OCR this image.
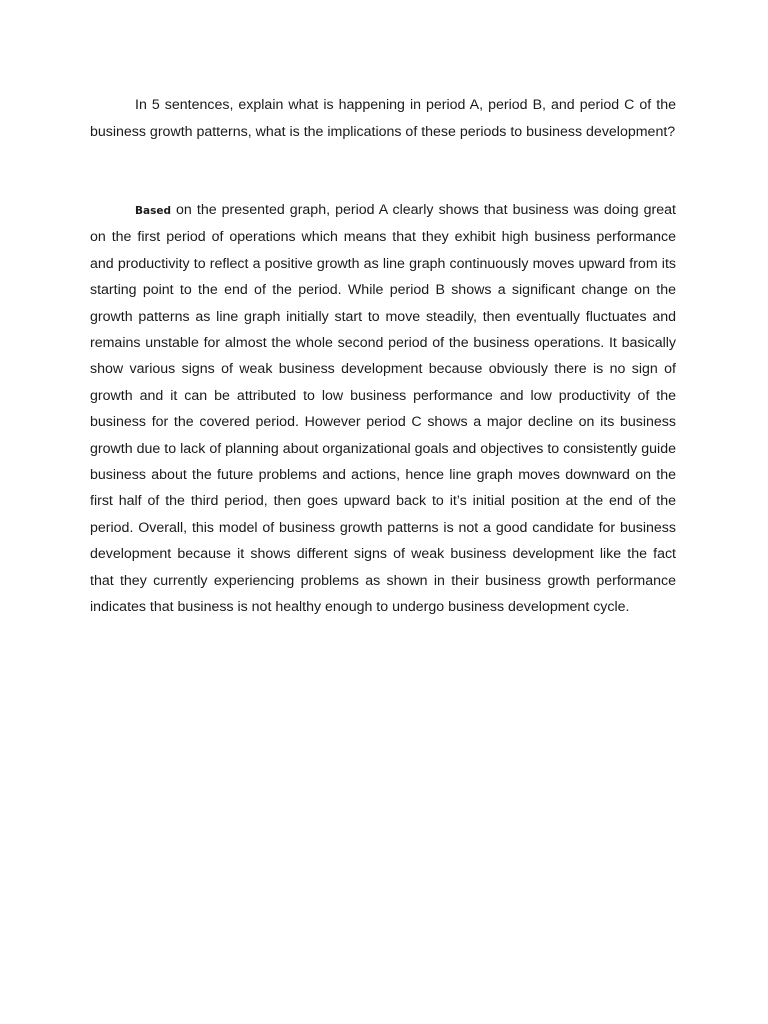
In 5 sentences, explain what is happening in period A, period B, and period C of the business growth patterns, what is the implications of these periods to business development?

Based on the presented graph, period A clearly shows that business was doing great on the first period of operations which means that they exhibit high business performance and productivity to reflect a positive growth as line graph continuously moves upward from its starting point to the end of the period. While period B shows a significant change on the growth patterns as line graph initially start to move steadily, then eventually fluctuates and remains unstable for almost the whole second period of the business operations. It basically show various signs of weak business development because obviously there is no sign of growth and it can be attributed to low business performance and low productivity of the business for the covered period. However period C shows a major decline on its business growth due to lack of planning about organizational goals and objectives to consistently guide business about the future problems and actions, hence line graph moves downward on the first half of the third period, then goes upward back to it’s initial position at the end of the period. Overall, this model of business growth patterns is not a good candidate for business development because it shows different signs of weak business development like the fact that they currently experiencing problems as shown in their business growth performance indicates that business is not healthy enough to undergo business development cycle.
